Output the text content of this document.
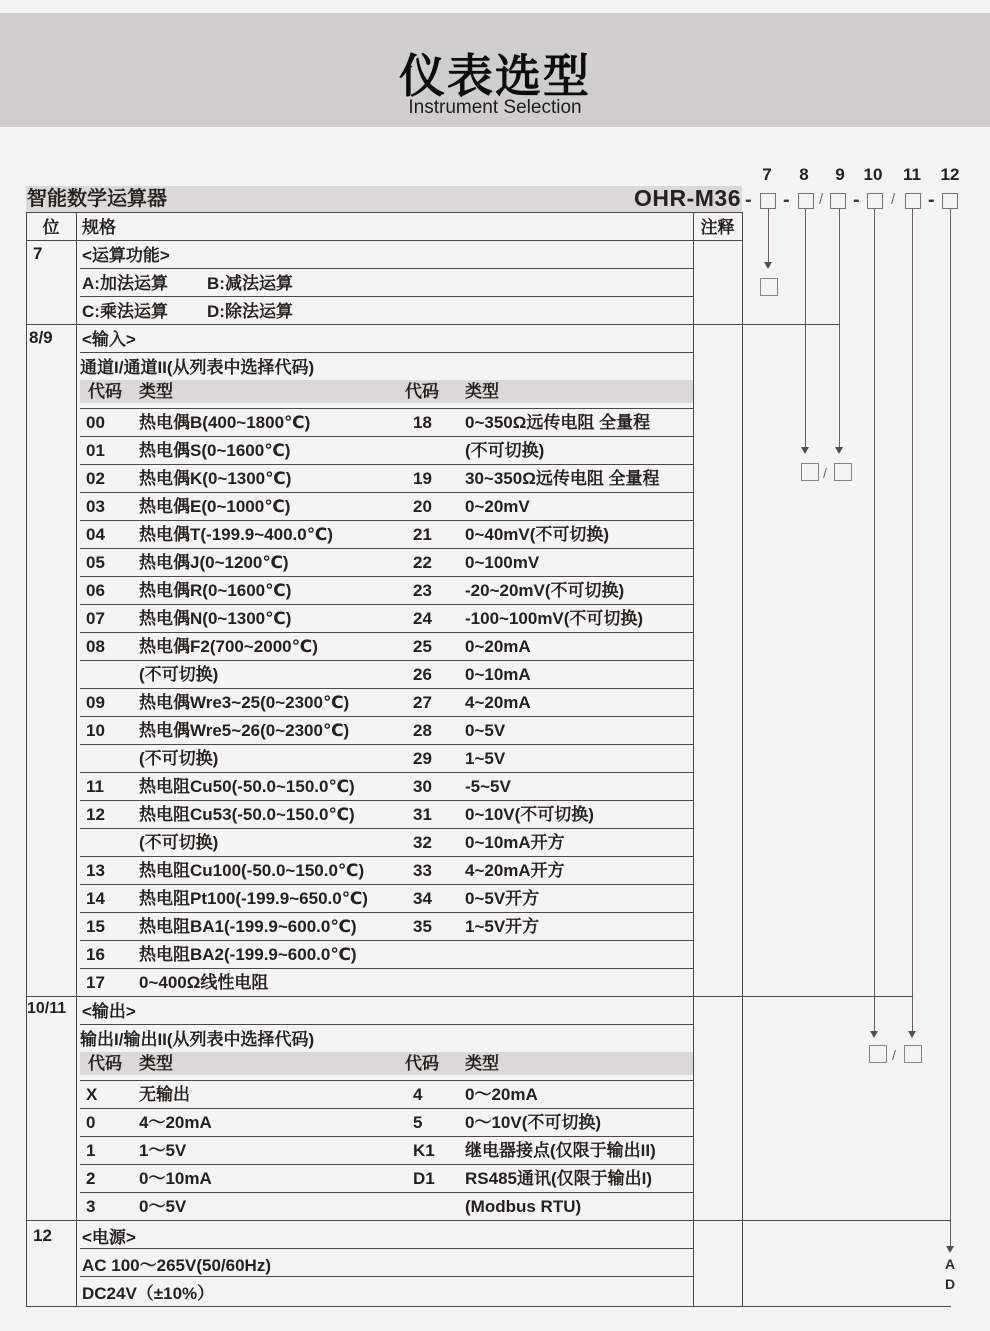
仪表选型
Instrument Selection
智能数学运算器	OHR-M36
7	8	9	10 11 12
- - / - / -
/
/
A
D
位	规格	注释
7 <运算功能>
A:加法运算 B:减法运算
C:乘法运算 D:除法运算
8/9 <输入>
通道I/通道II(从列表中选择代码)
代码 类型	代码 类型
00 热电偶B(400~1800℃)	18 0~350Ω远传电阻 全量程
01 热电偶S(0~1600℃)	(不可切换)
02 热电偶K(0~1300℃)	19 30~350Ω远传电阻 全量程
03 热电偶E(0~1000℃)	20 0~20mV
04 热电偶T(-199.9~400.0℃)	21 0~40mV(不可切换)
05 热电偶J(0~1200℃)	22 0~100mV
06 热电偶R(0~1600℃)	23 -20~20mV(不可切换)
07 热电偶N(0~1300℃)	24 -100~100mV(不可切换)
08 热电偶F2(700~2000℃)	25 0~20mA
(不可切换)	26 0~10mA
09 热电偶Wre3~25(0~2300℃)	27 4~20mA
10 热电偶Wre5~26(0~2300℃)	28 0~5V
(不可切换)	29 1~5V
11 热电阻Cu50(-50.0~150.0℃)	30 -5~5V
12 热电阻Cu53(-50.0~150.0℃)	31 0~10V(不可切换)
(不可切换)	32 0~10mA开方
13 热电阻Cu100(-50.0~150.0℃)	33 4~20mA开方
14 热电阻Pt100(-199.9~650.0℃)	34 0~5V开方
15 热电阻BA1(-199.9~600.0℃)	35 1~5V开方
16 热电阻BA2(-199.9~600.0℃)
17 0~400Ω线性电阻
10/11 <输出>
输出I/输出II(从列表中选择代码)
代码 类型	代码 类型
X 无输出	4	0～20mA
0	4～20mA	5	0～10V(不可切换)
1	1～5V	K1 继电器接点(仅限于输出II)
2	0～10mA	D1 RS485通讯(仅限于输出I)
3	0～5V	(Modbus RTU)
12 <电源>
AC 100～265V(50/60Hz)
DC24V（±10%）
